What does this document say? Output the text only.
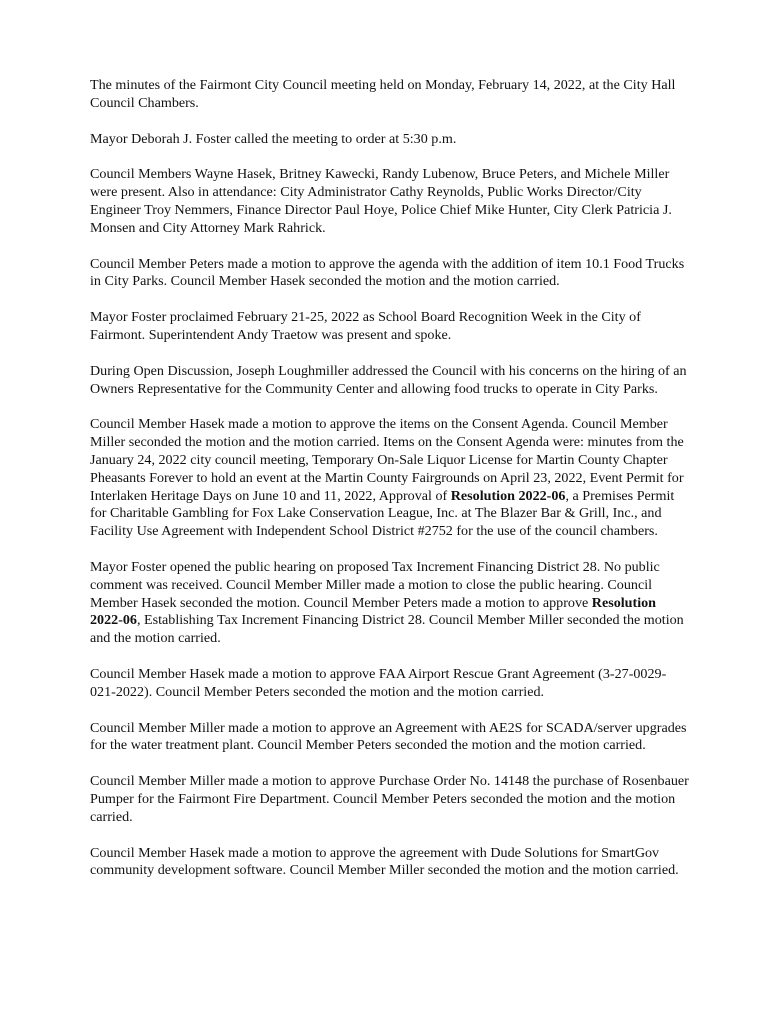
The minutes of the Fairmont City Council meeting held on Monday, February 14, 2022, at the City Hall Council Chambers.

Mayor Deborah J. Foster called the meeting to order at 5:30 p.m.

Council Members Wayne Hasek, Britney Kawecki, Randy Lubenow, Bruce Peters, and Michele Miller were present. Also in attendance: City Administrator Cathy Reynolds, Public Works Director/City Engineer Troy Nemmers, Finance Director Paul Hoye, Police Chief Mike Hunter, City Clerk Patricia J. Monsen and City Attorney Mark Rahrick.

Council Member Peters made a motion to approve the agenda with the addition of item 10.1 Food Trucks in City Parks. Council Member Hasek seconded the motion and the motion carried.

Mayor Foster proclaimed February 21-25, 2022 as School Board Recognition Week in the City of Fairmont. Superintendent Andy Traetow was present and spoke.

During Open Discussion, Joseph Loughmiller addressed the Council with his concerns on the hiring of an Owners Representative for the Community Center and allowing food trucks to operate in City Parks.

Council Member Hasek made a motion to approve the items on the Consent Agenda. Council Member Miller seconded the motion and the motion carried. Items on the Consent Agenda were: minutes from the January 24, 2022 city council meeting, Temporary On-Sale Liquor License for Martin County Chapter Pheasants Forever to hold an event at the Martin County Fairgrounds on April 23, 2022, Event Permit for Interlaken Heritage Days on June 10 and 11, 2022, Approval of Resolution 2022-06, a Premises Permit for Charitable Gambling for Fox Lake Conservation League, Inc. at The Blazer Bar & Grill, Inc., and Facility Use Agreement with Independent School District #2752 for the use of the council chambers.

Mayor Foster opened the public hearing on proposed Tax Increment Financing District 28. No public comment was received. Council Member Miller made a motion to close the public hearing. Council Member Hasek seconded the motion. Council Member Peters made a motion to approve Resolution 2022-06, Establishing Tax Increment Financing District 28. Council Member Miller seconded the motion and the motion carried.

Council Member Hasek made a motion to approve FAA Airport Rescue Grant Agreement (3-27-0029-021-2022). Council Member Peters seconded the motion and the motion carried.

Council Member Miller made a motion to approve an Agreement with AE2S for SCADA/server upgrades for the water treatment plant. Council Member Peters seconded the motion and the motion carried.

Council Member Miller made a motion to approve Purchase Order No. 14148 the purchase of Rosenbauer Pumper for the Fairmont Fire Department. Council Member Peters seconded the motion and the motion carried.

Council Member Hasek made a motion to approve the agreement with Dude Solutions for SmartGov community development software. Council Member Miller seconded the motion and the motion carried.
